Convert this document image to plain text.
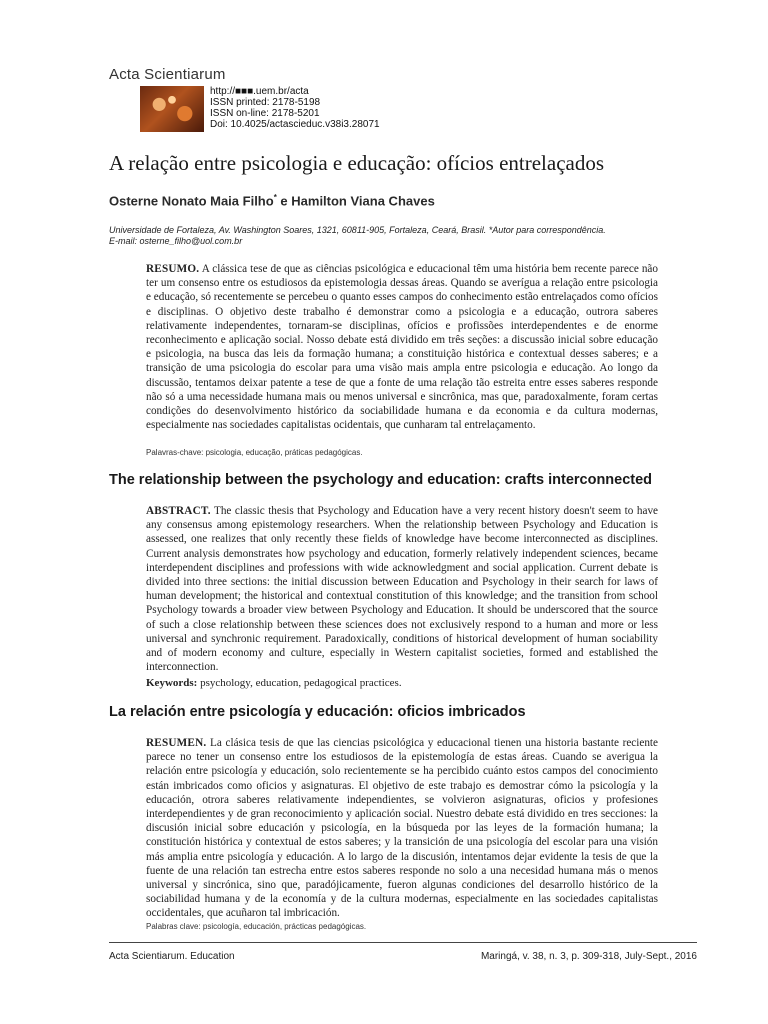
Acta Scientiarum
http://■■■.uem.br/acta
ISSN printed: 2178-5198
ISSN on-line: 2178-5201
Doi: 10.4025/actascieduc.v38i3.28071
A relação entre psicologia e educação: ofícios entrelaçados
Osterne Nonato Maia Filho* e Hamilton Viana Chaves
Universidade de Fortaleza, Av. Washington Soares, 1321, 60811-905, Fortaleza, Ceará, Brasil. *Autor para correspondência.
E-mail: osterne_filho@uol.com.br
RESUMO. A clássica tese de que as ciências psicológica e educacional têm uma história bem recente parece não ter um consenso entre os estudiosos da epistemologia dessas áreas. Quando se averígua a relação entre psicologia e educação, só recentemente se percebeu o quanto esses campos do conhecimento estão entrelaçados como ofícios e disciplinas. O objetivo deste trabalho é demonstrar como a psicologia e a educação, outrora saberes relativamente independentes, tornaram-se disciplinas, ofícios e profissões interdependentes e de enorme reconhecimento e aplicação social. Nosso debate está dividido em três seções: a discussão inicial sobre educação e psicologia, na busca das leis da formação humana; a constituição histórica e contextual desses saberes; e a transição de uma psicologia do escolar para uma visão mais ampla entre psicologia e educação. Ao longo da discussão, tentamos deixar patente a tese de que a fonte de uma relação tão estreita entre esses saberes responde não só a uma necessidade humana mais ou menos universal e sincrônica, mas que, paradoxalmente, foram certas condições do desenvolvimento histórico da sociabilidade humana e da economia e da cultura modernas, especialmente nas sociedades capitalistas ocidentais, que cunharam tal entrelaçamento.
Palavras-chave: psicologia, educação, práticas pedagógicas.
The relationship between the psychology and education: crafts interconnected
ABSTRACT. The classic thesis that Psychology and Education have a very recent history doesn't seem to have any consensus among epistemology researchers. When the relationship between Psychology and Education is assessed, one realizes that only recently these fields of knowledge have become interconnected as disciplines. Current analysis demonstrates how psychology and education, formerly relatively independent sciences, became interdependent disciplines and professions with wide acknowledgment and social application. Current debate is divided into three sections: the initial discussion between Education and Psychology in their search for laws of human development; the historical and contextual constitution of this knowledge; and the transition from school Psychology towards a broader view between Psychology and Education. It should be underscored that the source of such a close relationship between these sciences does not exclusively respond to a human and more or less universal and synchronic requirement. Paradoxically, conditions of historical development of human sociability and of modern economy and culture, especially in Western capitalist societies, formed and established the interconnection.
Keywords: psychology, education, pedagogical practices.
La relación entre psicología y educación: oficios imbricados
RESUMEN. La clásica tesis de que las ciencias psicológica y educacional tienen una historia bastante reciente parece no tener un consenso entre los estudiosos de la epistemología de estas áreas. Cuando se averigua la relación entre psicología y educación, solo recientemente se ha percibido cuánto estos campos del conocimiento están imbricados como oficios y asignaturas. El objetivo de este trabajo es demostrar cómo la psicología y la educación, otrora saberes relativamente independientes, se volvieron asignaturas, oficios y profesiones interdependientes y de gran reconocimiento y aplicación social. Nuestro debate está dividido en tres secciones: la discusión inicial sobre educación y psicología, en la búsqueda por las leyes de la formación humana; la constitución histórica y contextual de estos saberes; y la transición de una psicología del escolar para una visión más amplia entre psicología y educación. A lo largo de la discusión, intentamos dejar evidente la tesis de que la fuente de una relación tan estrecha entre estos saberes responde no solo a una necesidad humana más o menos universal y sincrónica, sino que, paradójicamente, fueron algunas condiciones del desarrollo histórico de la sociabilidad humana y de la economía y de la cultura modernas, especialmente en las sociedades capitalistas occidentales, que acuñaron tal imbricación.
Palabras clave: psicología, educación, prácticas pedagógicas.
Acta Scientiarum. Education	Maringá, v. 38, n. 3, p. 309-318, July-Sept., 2016
